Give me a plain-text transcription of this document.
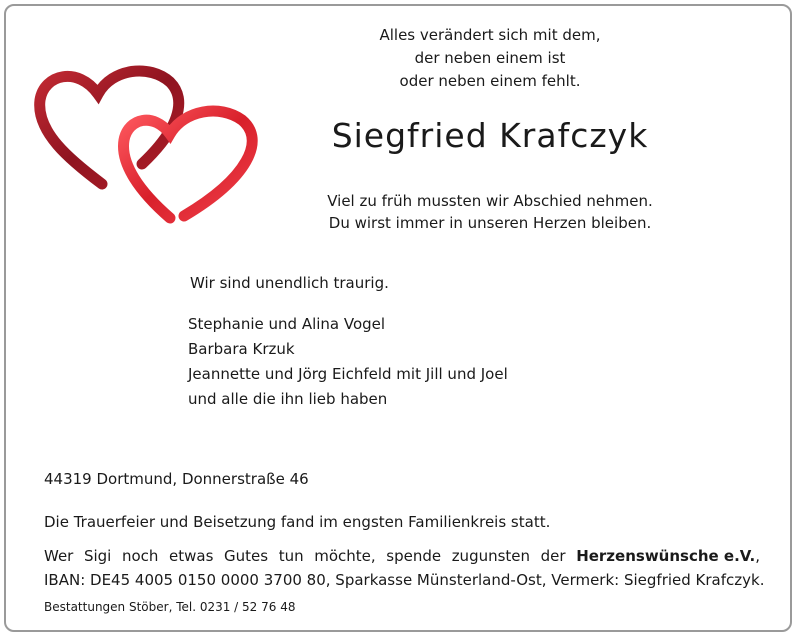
Alles verändert sich mit dem,
der neben einem ist
oder neben einem fehlt.
Siegfried Krafczyk
Viel zu früh mussten wir Abschied nehmen.
Du wirst immer in unseren Herzen bleiben.
Wir sind unendlich traurig.
Stephanie und Alina Vogel
Barbara Krzuk
Jeannette und Jörg Eichfeld mit Jill und Joel
und alle die ihn lieb haben
44319 Dortmund, Donnerstraße 46
Die Trauerfeier und Beisetzung fand im engsten Familienkreis statt.
Wer Sigi noch etwas Gutes tun möchte, spende zugunsten der Herzenswünsche e.V.,
IBAN: DE45 4005 0150 0000 3700 80, Sparkasse Münsterland-Ost, Vermerk: Siegfried Krafczyk.
Bestattungen Stöber, Tel. 0231 / 52 76 48
